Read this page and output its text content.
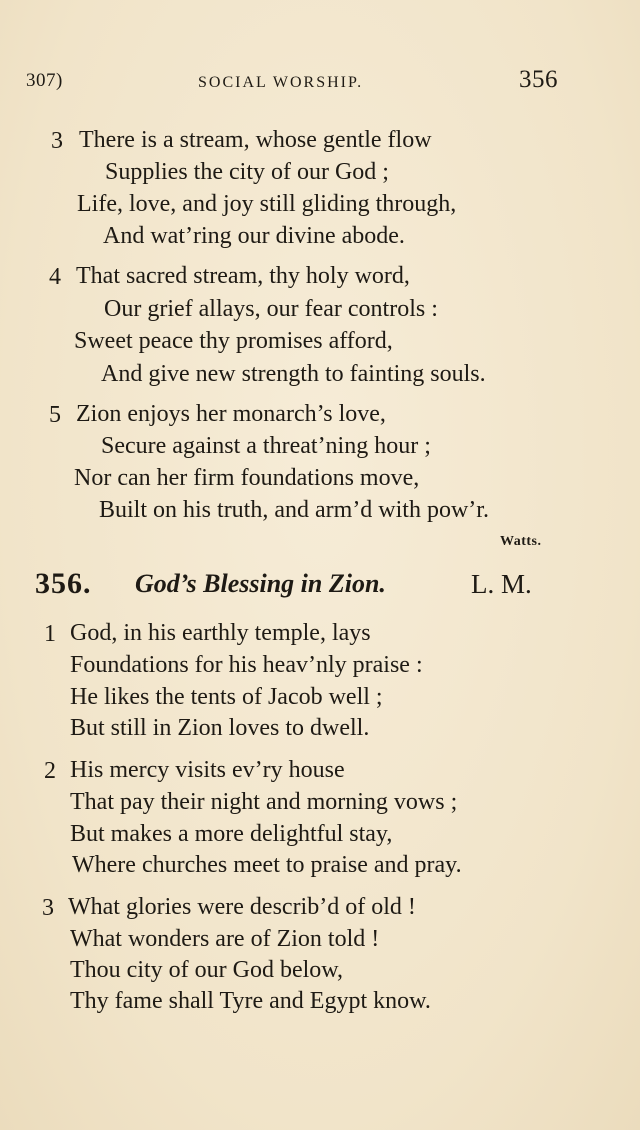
307)	SOCIAL WORSHIP.	356
3 There is a stream, whose gentle flow
Supplies the city of our God ;
Life, love, and joy still gliding through,
And wat’ring our divine abode.
4 That sacred stream, thy holy word,
Our grief allays, our fear controls :
Sweet peace thy promises afford,
And give new strength to fainting souls.
5 Zion enjoys her monarch’s love,
Secure against a threat’ning hour ;
Nor can her firm foundations move,
Built on his truth, and arm’d with pow’r.
Watts.
356. God’s Blessing in Zion.	L. M.
1 God, in his earthly temple, lays
Foundations for his heav’nly praise :
He likes the tents of Jacob well ;
But still in Zion loves to dwell.
2 His mercy visits ev’ry house
That pay their night and morning vows ;
But makes a more delightful stay,
Where churches meet to praise and pray.
3 What glories were describ’d of old !
What wonders are of Zion told !
Thou city of our God below,
Thy fame shall Tyre and Egypt know.
